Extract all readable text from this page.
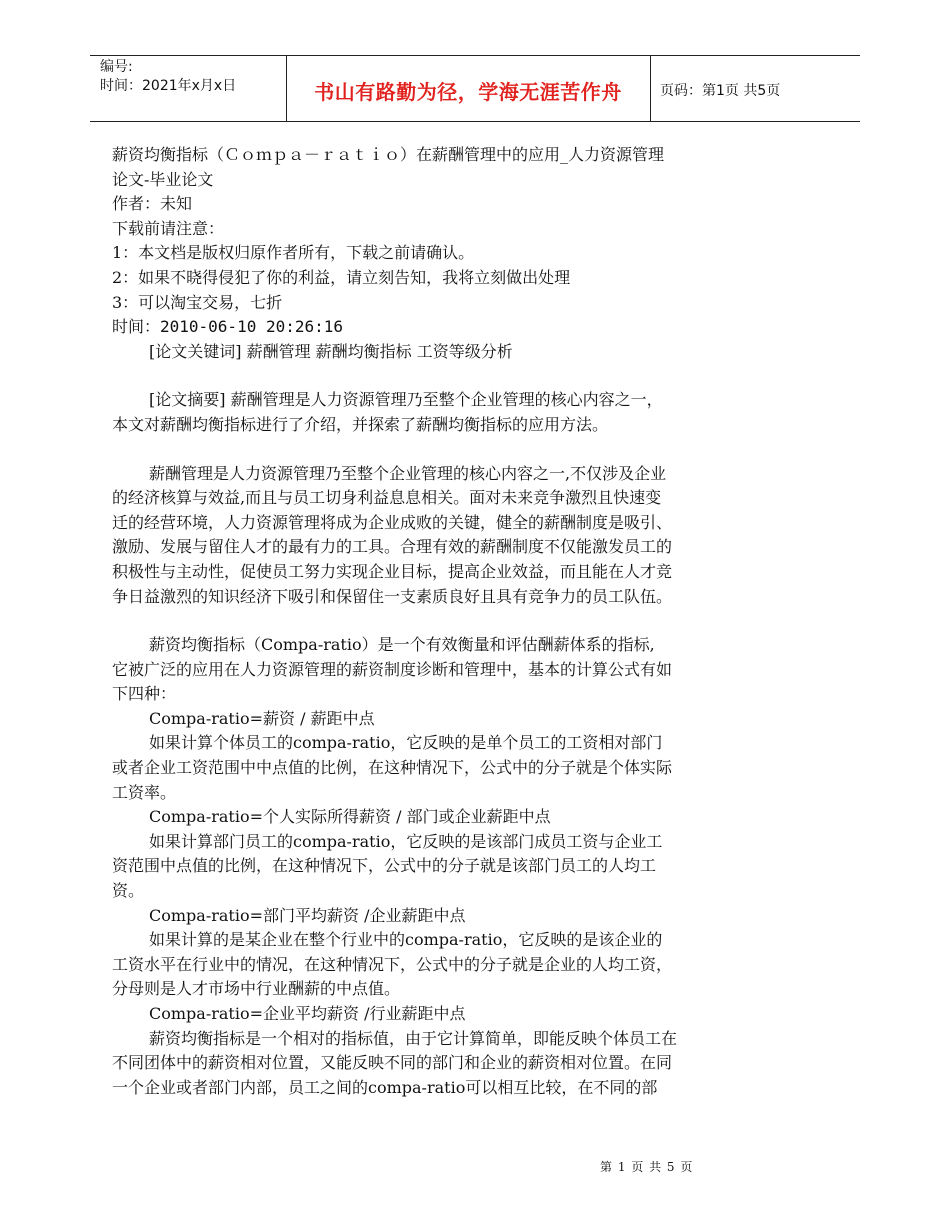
编号:
时间：2021年x月x日	书山有路勤为径，学海无涯苦作舟	页码：第1页 共5页
薪资均衡指标（Ｃｏｍｐａ－ｒａｔｉｏ）在薪酬管理中的应用_人力资源管理
论文-毕业论文
作者：未知
下载前请注意：
1：本文档是版权归原作者所有，下载之前请确认。
2：如果不晓得侵犯了你的利益，请立刻告知，我将立刻做出处理
3：可以淘宝交易，七折
时间：2010-06-10 20:26:16
[论文关键词] 薪酬管理 薪酬均衡指标 工资等级分析
[论文摘要] 薪酬管理是人力资源管理乃至整个企业管理的核心内容之一，
本文对薪酬均衡指标进行了介绍，并探索了薪酬均衡指标的应用方法。
薪酬管理是人力资源管理乃至整个企业管理的核心内容之一,不仅涉及企业
的经济核算与效益,而且与员工切身利益息息相关。面对未来竞争激烈且快速变
迁的经营环境，人力资源管理将成为企业成败的关键，健全的薪酬制度是吸引、
激励、发展与留住人才的最有力的工具。合理有效的薪酬制度不仅能激发员工的
积极性与主动性，促使员工努力实现企业目标，提高企业效益，而且能在人才竞
争日益激烈的知识经济下吸引和保留住一支素质良好且具有竞争力的员工队伍。
薪资均衡指标（Compa-ratio）是一个有效衡量和评估酬薪体系的指标,
它被广泛的应用在人力资源管理的薪资制度诊断和管理中，基本的计算公式有如
下四种：
Compa-ratio=薪资 / 薪距中点
如果计算个体员工的compa-ratio，它反映的是单个员工的工资相对部门
或者企业工资范围中中点值的比例，在这种情况下，公式中的分子就是个体实际
工资率。
Compa-ratio=个人实际所得薪资 / 部门或企业薪距中点
如果计算部门员工的compa-ratio，它反映的是该部门成员工资与企业工
资范围中点值的比例，在这种情况下，公式中的分子就是该部门员工的人均工
资。
Compa-ratio=部门平均薪资 /企业薪距中点
如果计算的是某企业在整个行业中的compa-ratio，它反映的是该企业的
工资水平在行业中的情况，在这种情况下，公式中的分子就是企业的人均工资，
分母则是人才市场中行业酬薪的中点值。
Compa-ratio=企业平均薪资 /行业薪距中点
薪资均衡指标是一个相对的指标值，由于它计算简单，即能反映个体员工在
不同团体中的薪资相对位置，又能反映不同的部门和企业的薪资相对位置。在同
一个企业或者部门内部，员工之间的compa-ratio可以相互比较，在不同的部
第 1 页 共 5 页
